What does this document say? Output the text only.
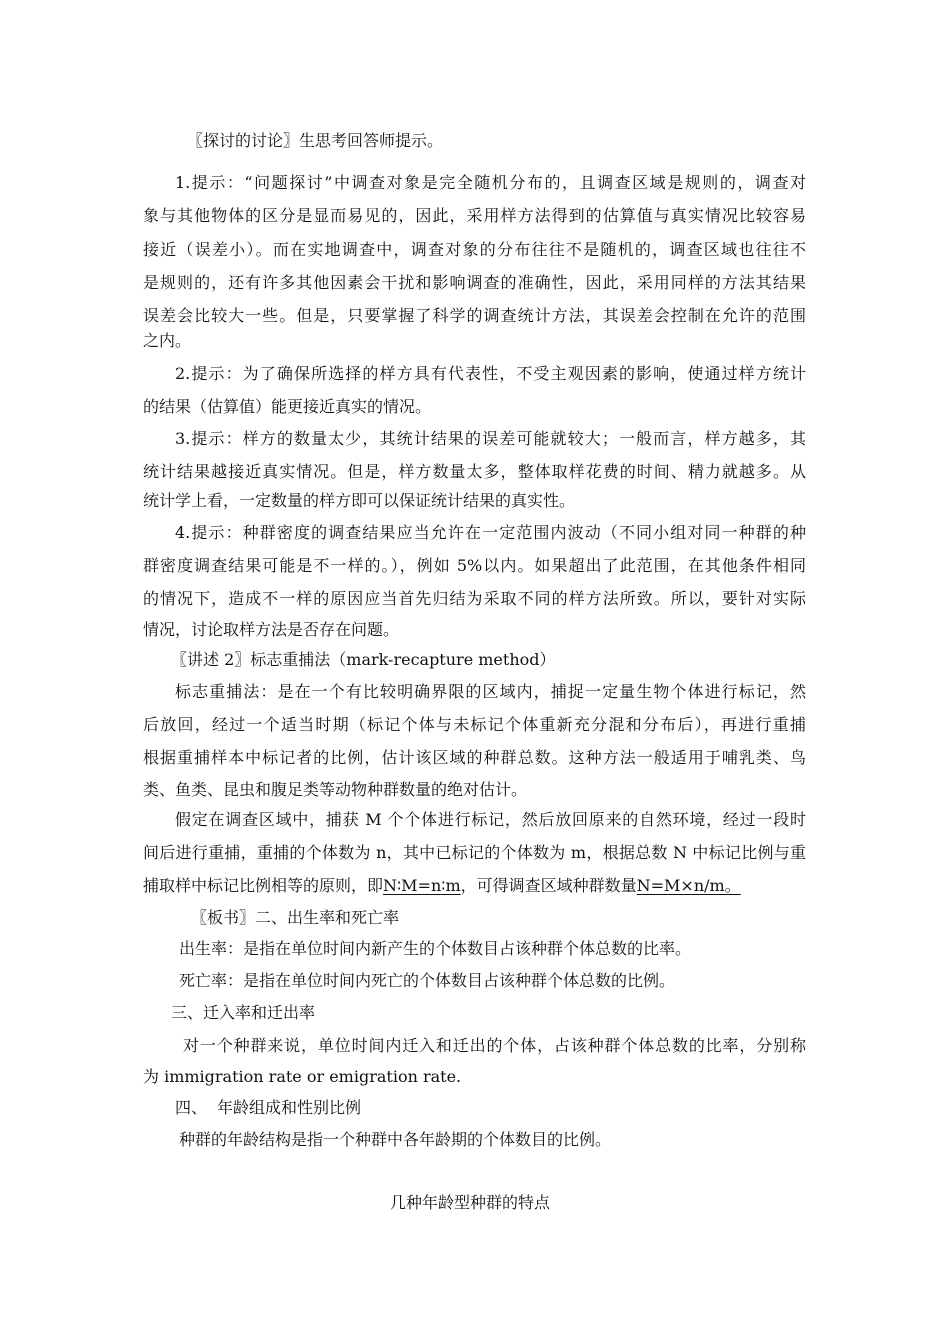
〖探讨的讨论〗生思考回答师提示。
1.提示：“问题探讨”中调查对象是完全随机分布的，且调查区域是规则的，调查对
象与其他物体的区分是显而易见的，因此，采用样方法得到的估算值与真实情况比较容易
接近（误差小）。而在实地调查中，调查对象的分布往往不是随机的，调查区域也往往不
是规则的，还有许多其他因素会干扰和影响调查的准确性，因此，采用同样的方法其结果
误差会比较大一些。但是，只要掌握了科学的调查统计方法，其误差会控制在允许的范围
之内。
2.提示：为了确保所选择的样方具有代表性，不受主观因素的影响，使通过样方统计
的结果（估算值）能更接近真实的情况。
3.提示：样方的数量太少，其统计结果的误差可能就较大；一般而言，样方越多，其
统计结果越接近真实情况。但是，样方数量太多，整体取样花费的时间、精力就越多。从
统计学上看，一定数量的样方即可以保证统计结果的真实性。
4.提示：种群密度的调查结果应当允许在一定范围内波动（不同小组对同一种群的种
群密度调查结果可能是不一样的。），例如 5%以内。如果超出了此范围，在其他条件相同
的情况下，造成不一样的原因应当首先归结为采取不同的样方法所致。所以，要针对实际
情况，讨论取样方法是否存在问题。
〖讲述 2〗标志重捕法（mark-recapture method）
标志重捕法：是在一个有比较明确界限的区域内，捕捉一定量生物个体进行标记，然
后放回，经过一个适当时期（标记个体与未标记个体重新充分混和分布后），再进行重捕
根据重捕样本中标记者的比例，估计该区域的种群总数。这种方法一般适用于哺乳类、鸟
类、鱼类、昆虫和腹足类等动物种群数量的绝对估计。
假定在调查区域中，捕获 M 个个体进行标记，然后放回原来的自然环境，经过一段时
间后进行重捕，重捕的个体数为 n，其中已标记的个体数为 m，根据总数 N 中标记比例与重
捕取样中标记比例相等的原则，即N∶M=n∶m，可得调查区域种群数量N=M×n/m。
〖板书〗二、出生率和死亡率
出生率：是指在单位时间内新产生的个体数目占该种群个体总数的比率。
死亡率：是指在单位时间内死亡的个体数目占该种群个体总数的比例。
三、迁入率和迁出率
对一个种群来说，单位时间内迁入和迁出的个体，占该种群个体总数的比率，分别称
为 immigration rate or emigration rate.
四、 年龄组成和性别比例
种群的年龄结构是指一个种群中各年龄期的个体数目的比例。
几种年龄型种群的特点
